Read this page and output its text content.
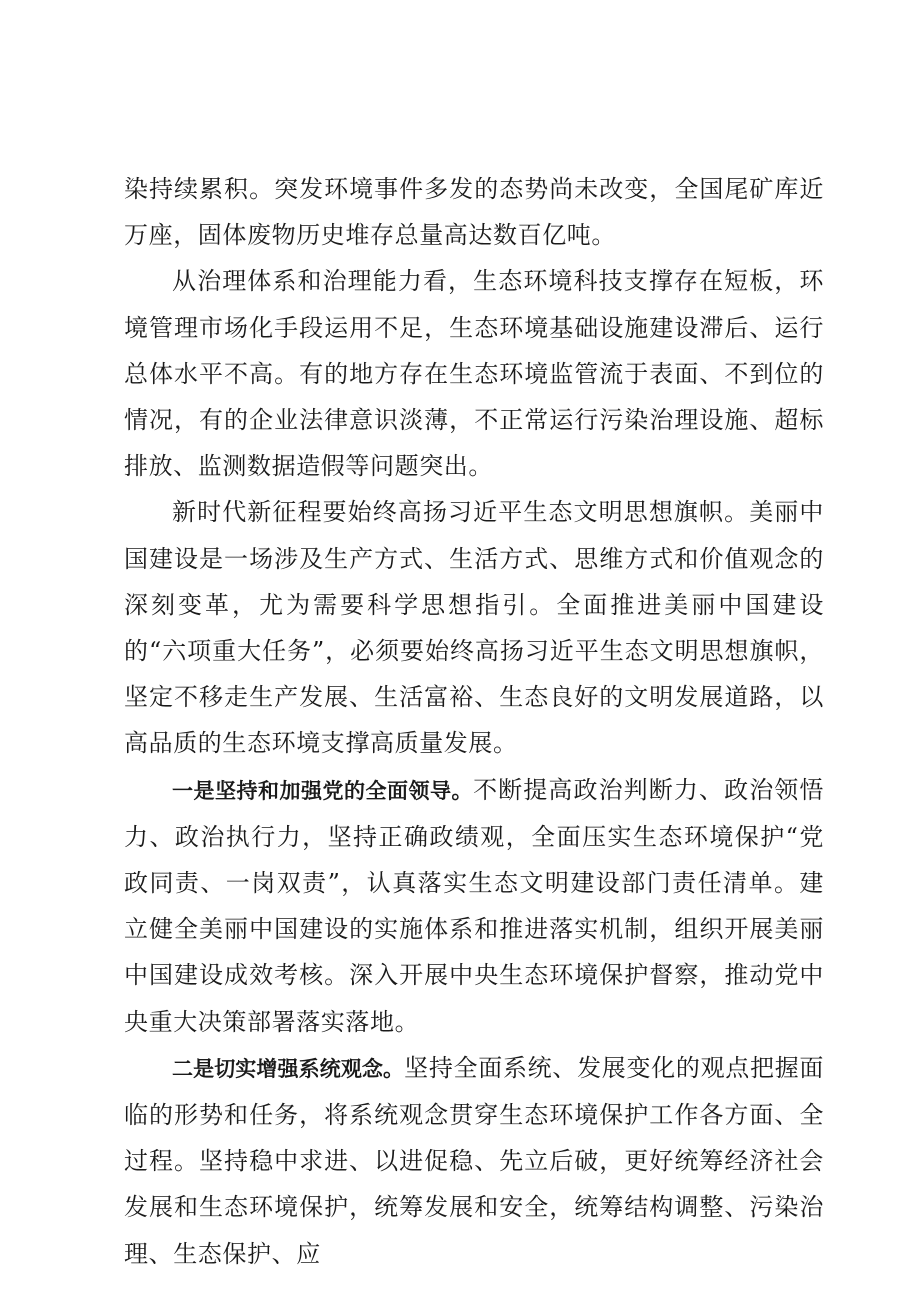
染持续累积。突发环境事件多发的态势尚未改变，全国尾矿库近万座，固体废物历史堆存总量高达数百亿吨。

从治理体系和治理能力看，生态环境科技支撑存在短板，环境管理市场化手段运用不足，生态环境基础设施建设滞后、运行总体水平不高。有的地方存在生态环境监管流于表面、不到位的情况，有的企业法律意识淡薄，不正常运行污染治理设施、超标排放、监测数据造假等问题突出。

新时代新征程要始终高扬习近平生态文明思想旗帜。美丽中国建设是一场涉及生产方式、生活方式、思维方式和价值观念的深刻变革，尤为需要科学思想指引。全面推进美丽中国建设的“六项重大任务”，必须要始终高扬习近平生态文明思想旗帜，坚定不移走生产发展、生活富裕、生态良好的文明发展道路，以高品质的生态环境支撑高质量发展。

一是坚持和加强党的全面领导。不断提高政治判断力、政治领悟力、政治执行力，坚持正确政绩观，全面压实生态环境保护“党政同责、一岗双责”，认真落实生态文明建设部门责任清单。建立健全美丽中国建设的实施体系和推进落实机制，组织开展美丽中国建设成效考核。深入开展中央生态环境保护督察，推动党中央重大决策部署落实落地。

二是切实增强系统观念。坚持全面系统、发展变化的观点把握面临的形势和任务，将系统观念贯穿生态环境保护工作各方面、全过程。坚持稳中求进、以进促稳、先立后破，更好统筹经济社会发展和生态环境保护，统筹发展和安全，统筹结构调整、污染治理、生态保护、应
